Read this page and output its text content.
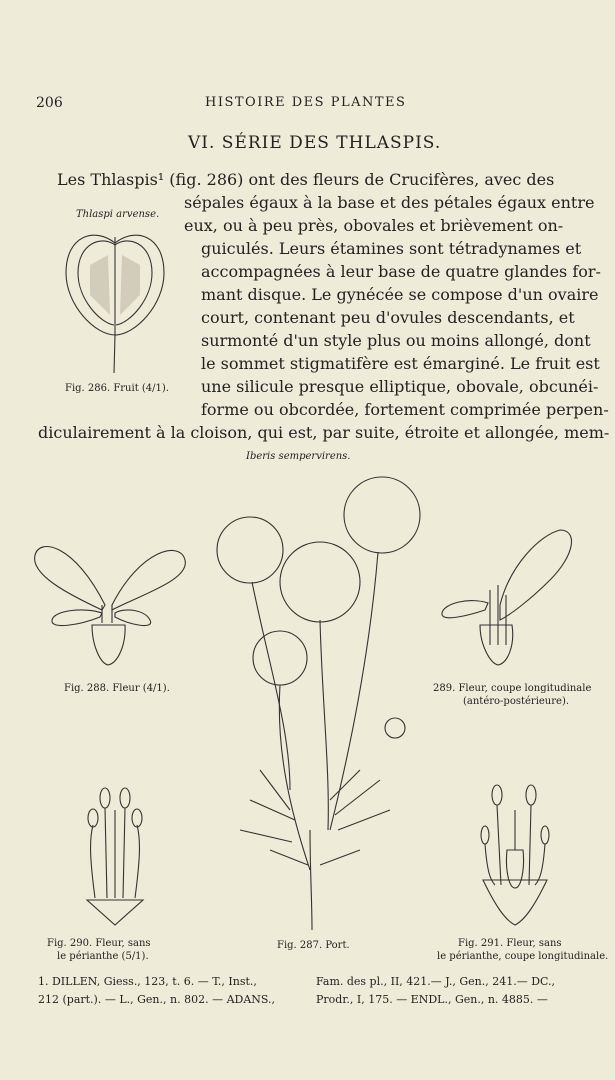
206	HISTOIRE DES PLANTES
VI. SÉRIE DES THLASPIS.
Les Thlaspis¹ (fig. 286) ont des fleurs de Crucifères, avec des
sépales égaux à la base et des pétales égaux entre
eux, ou à peu près, obovales et brièvement on-
guiculés. Leurs étamines sont tétradynames et
accompagnées à leur base de quatre glandes for-
mant disque. Le gynécée se compose d'un ovaire
court, contenant peu d'ovules descendants, et
surmonté d'un style plus ou moins allongé, dont
le sommet stigmatifère est émarginé. Le fruit est
une silicule presque elliptique, obovale, obcunéi-
forme ou obcordée, fortement comprimée perpen-
diculairement à la cloison, qui est, par suite, étroite et allongée, mem-
Thlaspi arvense.
Fig. 286. Fruit (4/1).
Iberis sempervirens.
Fig. 288. Fleur (4/1).
Fig. 287. Port.
289. Fleur, coupe longitudinale
(antéro-postérieure).
Fig. 290. Fleur, sans
le périanthe (5/1).
Fig. 291. Fleur, sans
le périanthe, coupe longitudinale.
1. DILLEN, Giess., 123, t. 6. — T., Inst.,	Fam. des pl., II, 421.— J., Gen., 241.— DC.,
212 (part.). — L., Gen., n. 802. — ADANS.,	Prodr., I, 175. — ENDL., Gen., n. 4885. —
